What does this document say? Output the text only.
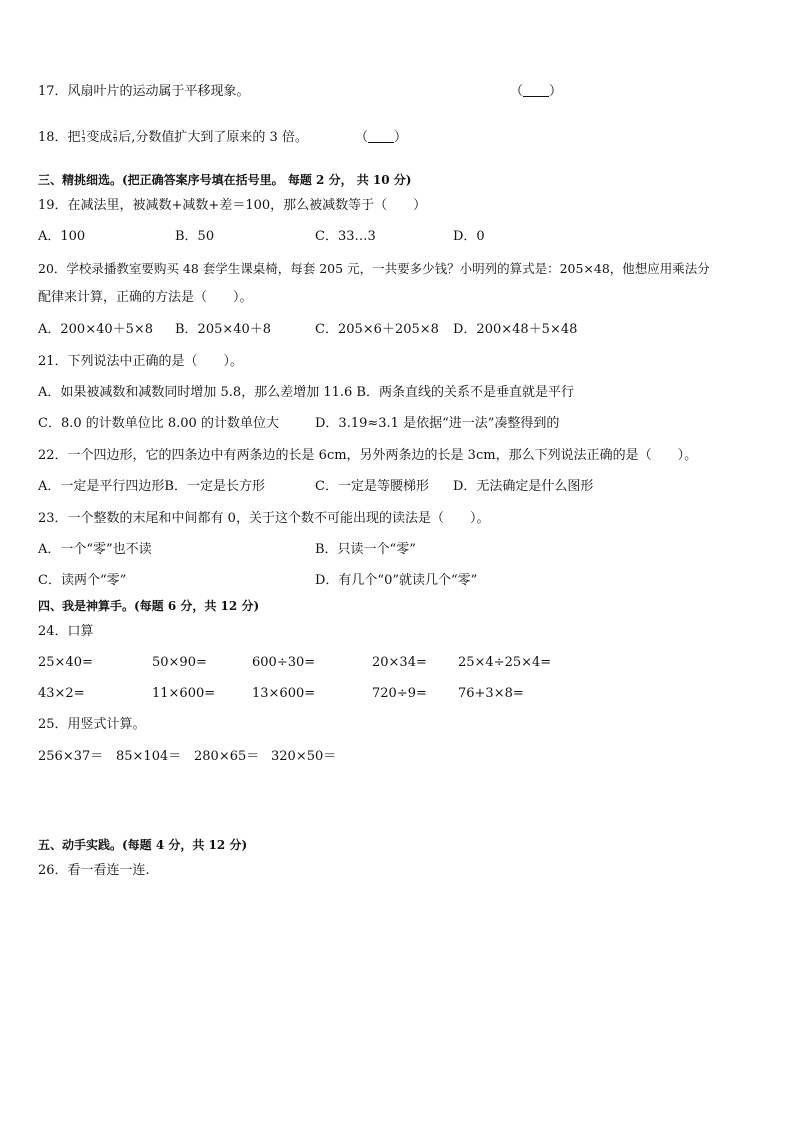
17．风扇叶片的运动属于平移现象。	（ ）
18．把 $\frac{1}{3}$ 变成 $\frac{2}{9}$ 后,分数值扩大到了原来的 3 倍。	（ ）
三、精挑细选。(把正确答案序号填在括号里。 每题 2 分， 共 10 分)
19．在减法里，被减数+减数+差＝100，那么被减数等于（　　）
A．100	B．50	C．33…3	D．0
20．学校录播教室要购买 48 套学生课桌椅，每套 205 元，一共要多少钱？小明列的算式是：205×48，他想应用乘法分
配律来计算，正确的方法是（　　）。
A．200×40＋5×8 B．205×40＋8	C．205×6＋205×8 D．200×48＋5×48
21．下列说法中正确的是（　　）。
A．如果被减数和减数同时增加 5.8，那么差增加 11.6 B．两条直线的关系不是垂直就是平行
C．8.0 的计数单位比 8.00 的计数单位大	D．3.19≈3.1 是依据“进一法”凑整得到的
22．一个四边形，它的四条边中有两条边的长是 6cm，另外两条边的长是 3cm，那么下列说法正确的是（　　）。
A．一定是平行四边形B．一定是长方形	C．一定是等腰梯形 D．无法确定是什么图形
23．一个整数的末尾和中间都有 0，关于这个数不可能出现的读法是（　　）。
A．一个“零”也不读	B．只读一个“零”
C．读两个“零”	D．有几个“0”就读几个“零”
四、我是神算手。(每题 6 分，共 12 分)
24．口算
25×40=	50×90=	600÷30=	20×34= 25×4÷25×4=
43×2=	11×600=	13×600=	720÷9= 76+3×8=
25．用竖式计算。
256×37＝ 85×104＝ 280×65＝ 320×50＝
五、动手实践。(每题 4 分，共 12 分)
26．看一看连一连.
